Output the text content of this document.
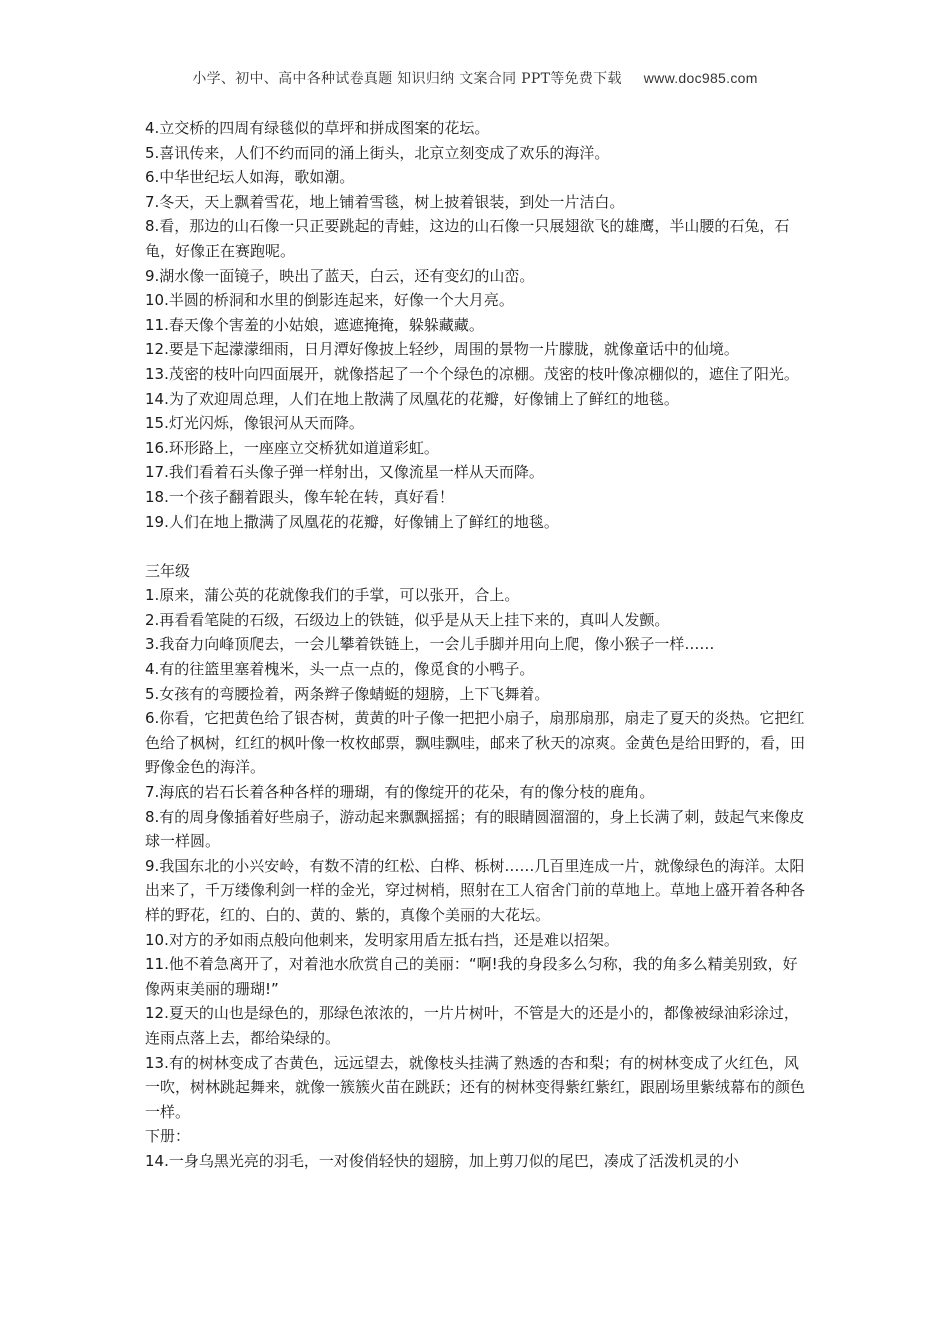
小学、初中、高中各种试卷真题 知识归纳 文案合同 PPT等免费下载 www.doc985.com
4.立交桥的四周有绿毯似的草坪和拼成图案的花坛。
5.喜讯传来，人们不约而同的涌上街头，北京立刻变成了欢乐的海洋。
6.中华世纪坛人如海，歌如潮。
7.冬天，天上飘着雪花，地上铺着雪毯，树上披着银装，到处一片洁白。
8.看，那边的山石像一只正要跳起的青蛙，这边的山石像一只展翅欲飞的雄鹰，半山腰的石兔，石龟，好像正在赛跑呢。
9.湖水像一面镜子，映出了蓝天，白云，还有变幻的山峦。
10.半圆的桥洞和水里的倒影连起来，好像一个大月亮。
11.春天像个害羞的小姑娘，遮遮掩掩，躲躲藏藏。
12.要是下起濛濛细雨，日月潭好像披上轻纱，周围的景物一片朦胧，就像童话中的仙境。
13.茂密的枝叶向四面展开，就像搭起了一个个绿色的凉棚。茂密的枝叶像凉棚似的，遮住了阳光。
14.为了欢迎周总理，人们在地上散满了凤凰花的花瓣，好像铺上了鲜红的地毯。
15.灯光闪烁，像银河从天而降。
16.环形路上，一座座立交桥犹如道道彩虹。
17.我们看着石头像子弹一样射出，又像流星一样从天而降。
18.一个孩子翻着跟头，像车轮在转，真好看！
19.人们在地上撒满了凤凰花的花瓣，好像铺上了鲜红的地毯。
三年级
1.原来，蒲公英的花就像我们的手掌，可以张开，合上。
2.再看看笔陡的石级，石级边上的铁链，似乎是从天上挂下来的，真叫人发颤。
3.我奋力向峰顶爬去，一会儿攀着铁链上，一会儿手脚并用向上爬，像小猴子一样……
4.有的往篮里塞着槐米，头一点一点的，像觅食的小鸭子。
5.女孩有的弯腰捡着，两条辫子像蜻蜓的翅膀，上下飞舞着。
6.你看，它把黄色给了银杏树，黄黄的叶子像一把把小扇子，扇那扇那，扇走了夏天的炎热。它把红色给了枫树，红红的枫叶像一枚枚邮票，飘哇飘哇，邮来了秋天的凉爽。金黄色是给田野的，看，田野像金色的海洋。
7.海底的岩石长着各种各样的珊瑚，有的像绽开的花朵，有的像分枝的鹿角。
8.有的周身像插着好些扇子，游动起来飘飘摇摇；有的眼睛圆溜溜的，身上长满了刺，鼓起气来像皮球一样圆。
9.我国东北的小兴安岭，有数不清的红松、白桦、栎树……几百里连成一片，就像绿色的海洋。太阳出来了，千万缕像利剑一样的金光，穿过树梢，照射在工人宿舍门前的草地上。草地上盛开着各种各样的野花，红的、白的、黄的、紫的，真像个美丽的大花坛。
10.对方的矛如雨点般向他刺来，发明家用盾左抵右挡，还是难以招架。
11.他不着急离开了，对着池水欣赏自己的美丽：“啊!我的身段多么匀称，我的角多么精美别致，好像两束美丽的珊瑚!”
12.夏天的山也是绿色的，那绿色浓浓的，一片片树叶，不管是大的还是小的，都像被绿油彩涂过，连雨点落上去，都给染绿的。
13.有的树林变成了杏黄色，远远望去，就像枝头挂满了熟透的杏和梨；有的树林变成了火红色，风一吹，树林跳起舞来，就像一簇簇火苗在跳跃；还有的树林变得紫红紫红，跟剧场里紫绒幕布的颜色一样。
下册：
14.一身乌黑光亮的羽毛，一对俊俏轻快的翅膀，加上剪刀似的尾巴，凑成了活泼机灵的小
